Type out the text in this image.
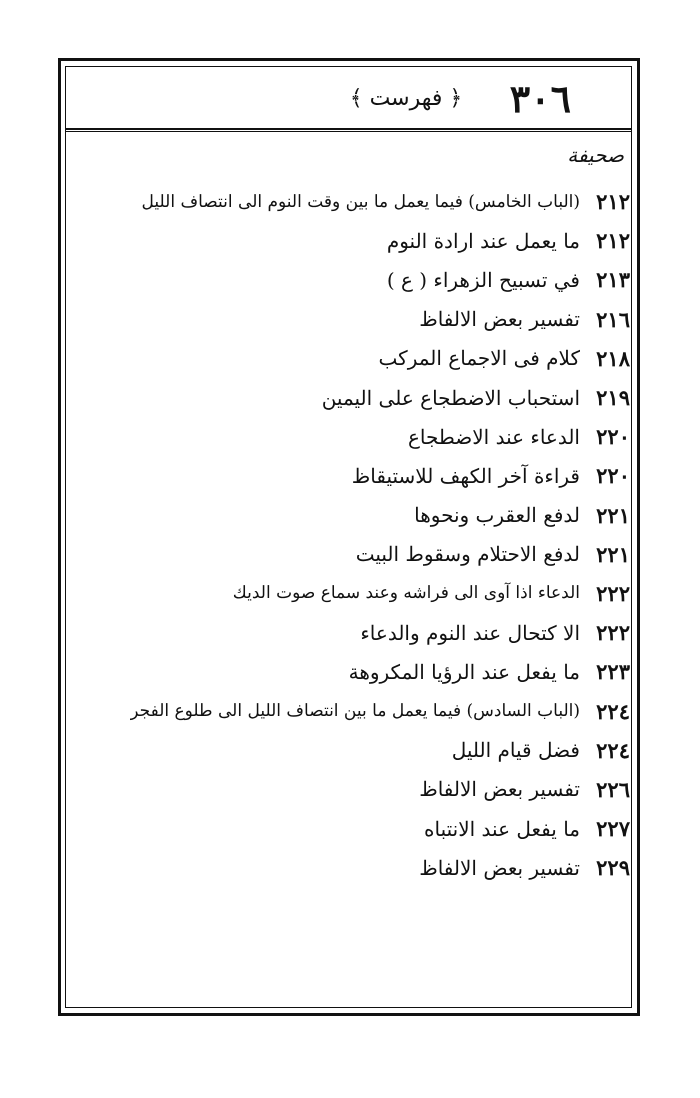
﴿ فهرست ﴾	٣٠٦
صحيفة
٢١٢
(الباب الخامس) فيما يعمل ما بين وقت النوم الى انتصاف الليل
٢١٢
ما يعمل عند ارادة النوم
٢١٣
في تسبيح الزهراء ( ع )
٢١٦
تفسير بعض الالفاظ
٢١٨
كلام فى الاجماع المركب
٢١٩
استحباب الاضطجاع على اليمين
٢٢٠
الدعاء عند الاضطجاع
٢٢٠
قراءة آخر الكهف للاستيقاظ
٢٢١
لدفع العقرب ونحوها
٢٢١
لدفع الاحتلام وسقوط البيت
٢٢٢
الدعاء اذا آوى الى فراشه وعند سماع صوت الديك
٢٢٢
الا كتحال عند النوم والدعاء
٢٢٣
ما يفعل عند الرؤيا المكروهة
٢٢٤
(الباب السادس) فيما يعمل ما بين انتصاف الليل الى طلوع الفجر
٢٢٤
فضل قيام الليل
٢٢٦
تفسير بعض الالفاظ
٢٢٧
ما يفعل عند الانتباه
٢٢٩
تفسير بعض الالفاظ
